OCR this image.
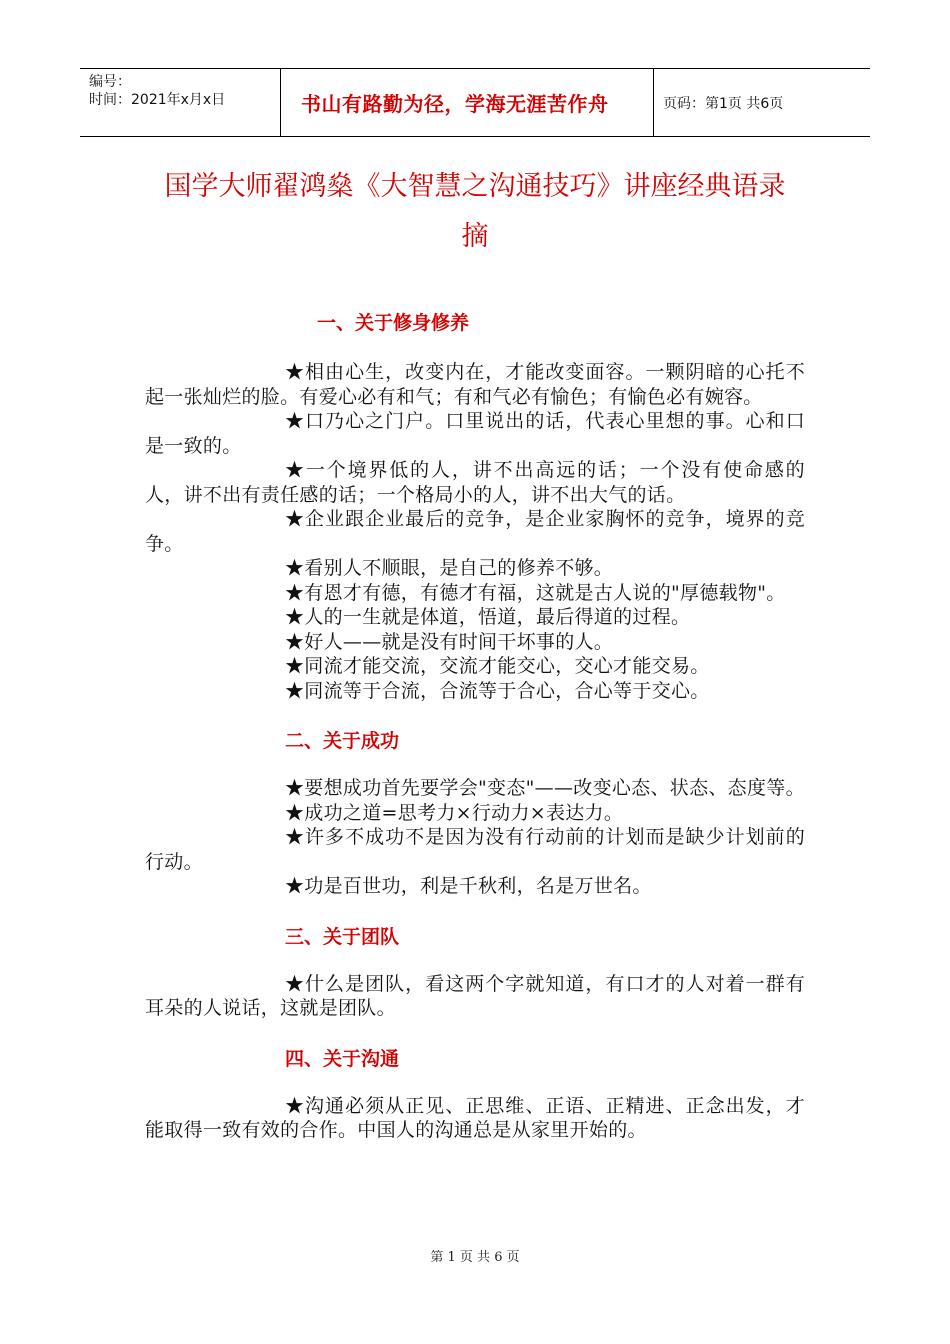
编号：
时间：2021年x月x日	书山有路勤为径，学海无涯苦作舟	页码：第1页 共6页
国学大师翟鸿燊《大智慧之沟通技巧》讲座经典语录
摘
一、关于修身修养

★相由心生，改变内在，才能改变面容。一颗阴暗的心托不起一张灿烂的脸。有爱心必有和气；有和气必有愉色；有愉色必有婉容。

★口乃心之门户。口里说出的话，代表心里想的事。心和口是一致的。

★一个境界低的人，讲不出高远的话；一个没有使命感的人，讲不出有责任感的话；一个格局小的人，讲不出大气的话。

★企业跟企业最后的竞争，是企业家胸怀的竞争，境界的竞争。

★看别人不顺眼，是自己的修养不够。

★有恩才有德，有德才有福，这就是古人说的"厚德载物"。

★人的一生就是体道，悟道，最后得道的过程。

★好人——就是没有时间干坏事的人。

★同流才能交流，交流才能交心，交心才能交易。

★同流等于合流，合流等于合心，合心等于交心。

二、关于成功

★要想成功首先要学会"变态"——改变心态、状态、态度等。

★成功之道=思考力×行动力×表达力。

★许多不成功不是因为没有行动前的计划而是缺少计划前的行动。

★功是百世功，利是千秋利，名是万世名。

三、关于团队

★什么是团队，看这两个字就知道，有口才的人对着一群有耳朵的人说话，这就是团队。

四、关于沟通

★沟通必须从正见、正思维、正语、正精进、正念出发，才能取得一致有效的合作。中国人的沟通总是从家里开始的。

第 1 页 共 6 页
